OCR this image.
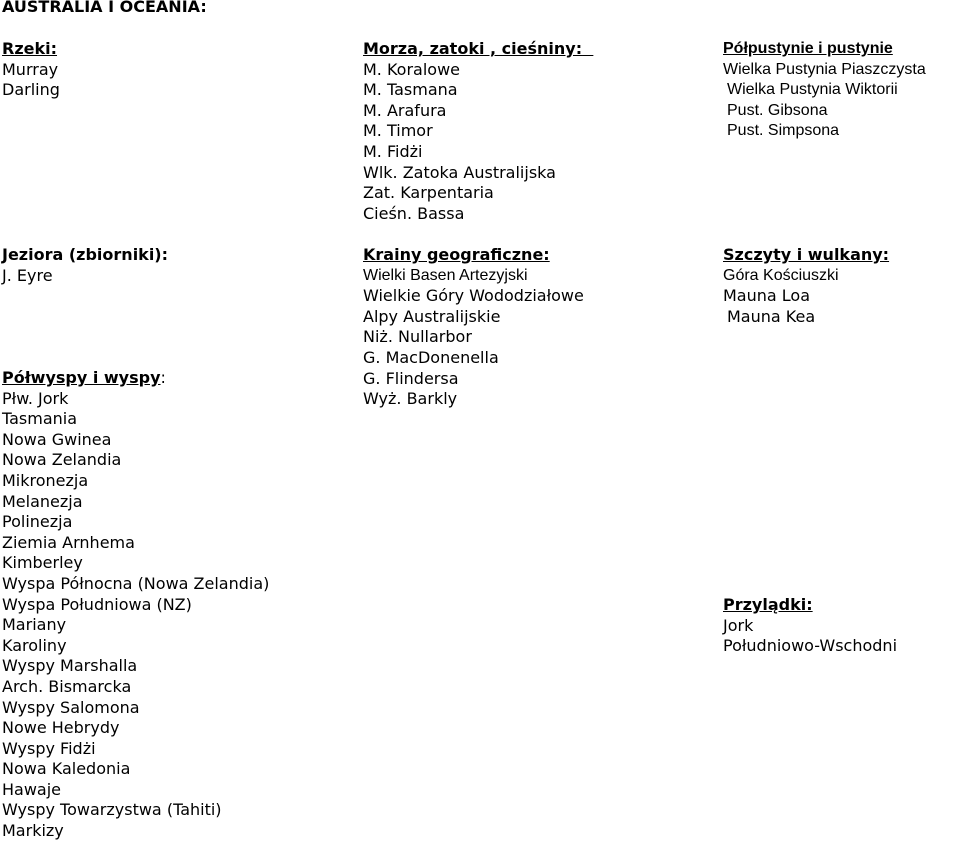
AUSTRALIA I OCEANIA:
Rzeki:
Murray
Darling
Morza, zatoki , cieśniny:
M. Koralowe
M. Tasmana
M. Arafura
M. Timor
M. Fidżi
Wlk. Zatoka Australijska
Zat. Karpentaria
Cieśn. Bassa
Półpustynie i pustynie
Wielka Pustynia Piaszczysta
Wielka Pustynia Wiktorii
Pust. Gibsona
Pust. Simpsona
Jeziora (zbiorniki):
J. Eyre
Krainy geograficzne:
Wielki Basen Artezyjski
Wielkie Góry Wododziałowe
Alpy Australijskie
Niż. Nullarbor
G. MacDonenella
G. Flindersa
Wyż. Barkly
Szczyty i wulkany:
Góra Kościuszki
Mauna Loa
Mauna Kea
Półwyspy i wyspy:
Płw. Jork
Tasmania
Nowa Gwinea
Nowa Zelandia
Mikronezja
Melanezja
Polinezja
Ziemia Arnhema
Kimberley
Wyspa Północna (Nowa Zelandia)
Wyspa Południowa (NZ)
Mariany
Karoliny
Wyspy Marshalla
Arch. Bismarcka
Wyspy Salomona
Nowe Hebrydy
Wyspy Fidżi
Nowa Kaledonia
Hawaje
Wyspy Towarzystwa (Tahiti)
Markizy
Przylądki:
Jork
Południowo-Wschodni
